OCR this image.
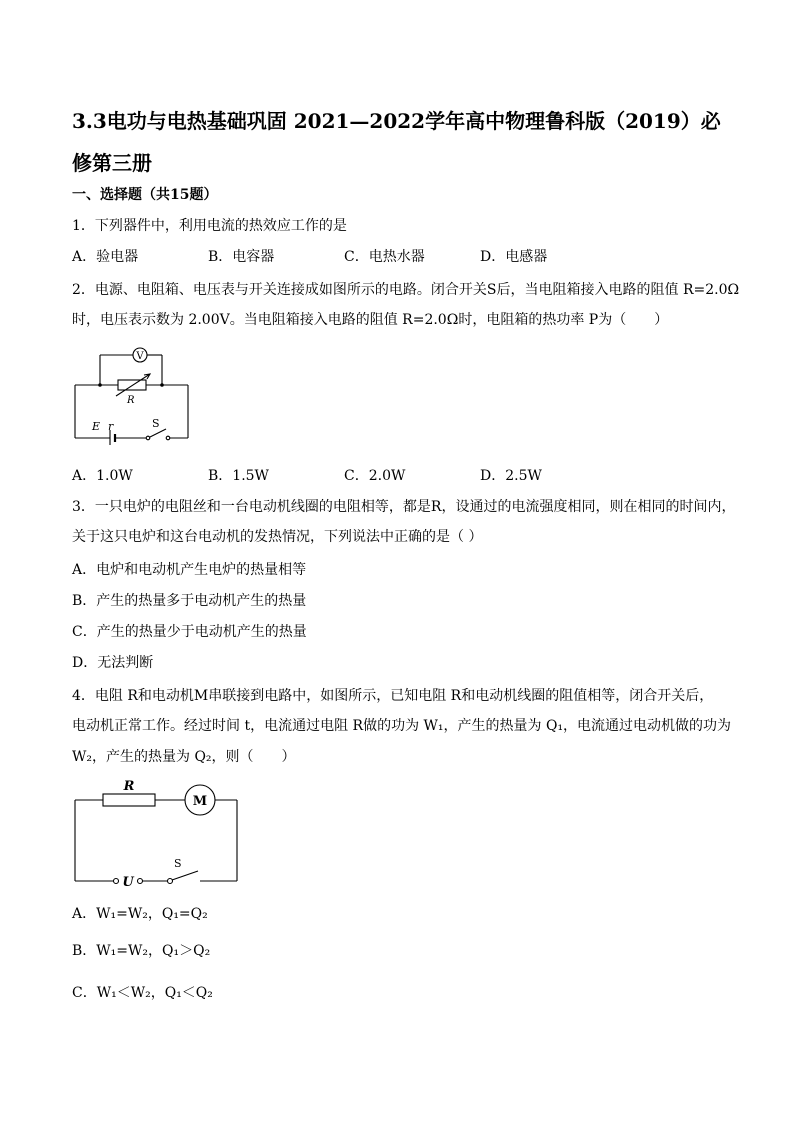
3.3电功与电热基础巩固 2021—2022学年高中物理鲁科版（2019）必修第三册
一、选择题（共15题）
1．下列器件中，利用电流的热效应工作的是
A．验电器	B．电容器	C．电热水器	D．电感器
2．电源、电阻箱、电压表与开关连接成如图所示的电路。闭合开关S后，当电阻箱接入电路的阻值 R=2.0Ω
时，电压表示数为 2.00V。当电阻箱接入电路的阻值 R=2.0Ω时，电阻箱的热功率 P为（　　）
V
R
E r	S
A．1.0W	B．1.5W	C．2.0W	D．2.5W
3．一只电炉的电阻丝和一台电动机线圈的电阻相等，都是R，设通过的电流强度相同，则在相同的时间内，
关于这只电炉和这台电动机的发热情况，下列说法中正确的是（ ）
A．电炉和电动机产生电炉的热量相等
B．产生的热量多于电动机产生的热量
C．产生的热量少于电动机产生的热量
D．无法判断
4．电阻 R和电动机M串联接到电路中，如图所示，已知电阻 R和电动机线圈的阻值相等，闭合开关后，
电动机正常工作。经过时间 t，电流通过电阻 R做的功为 W₁，产生的热量为 Q₁，电流通过电动机做的功为
W₂，产生的热量为 Q₂，则（　　）
R
M
U
S
A．W₁=W₂，Q₁=Q₂
B．W₁=W₂，Q₁＞Q₂
C．W₁＜W₂，Q₁＜Q₂
